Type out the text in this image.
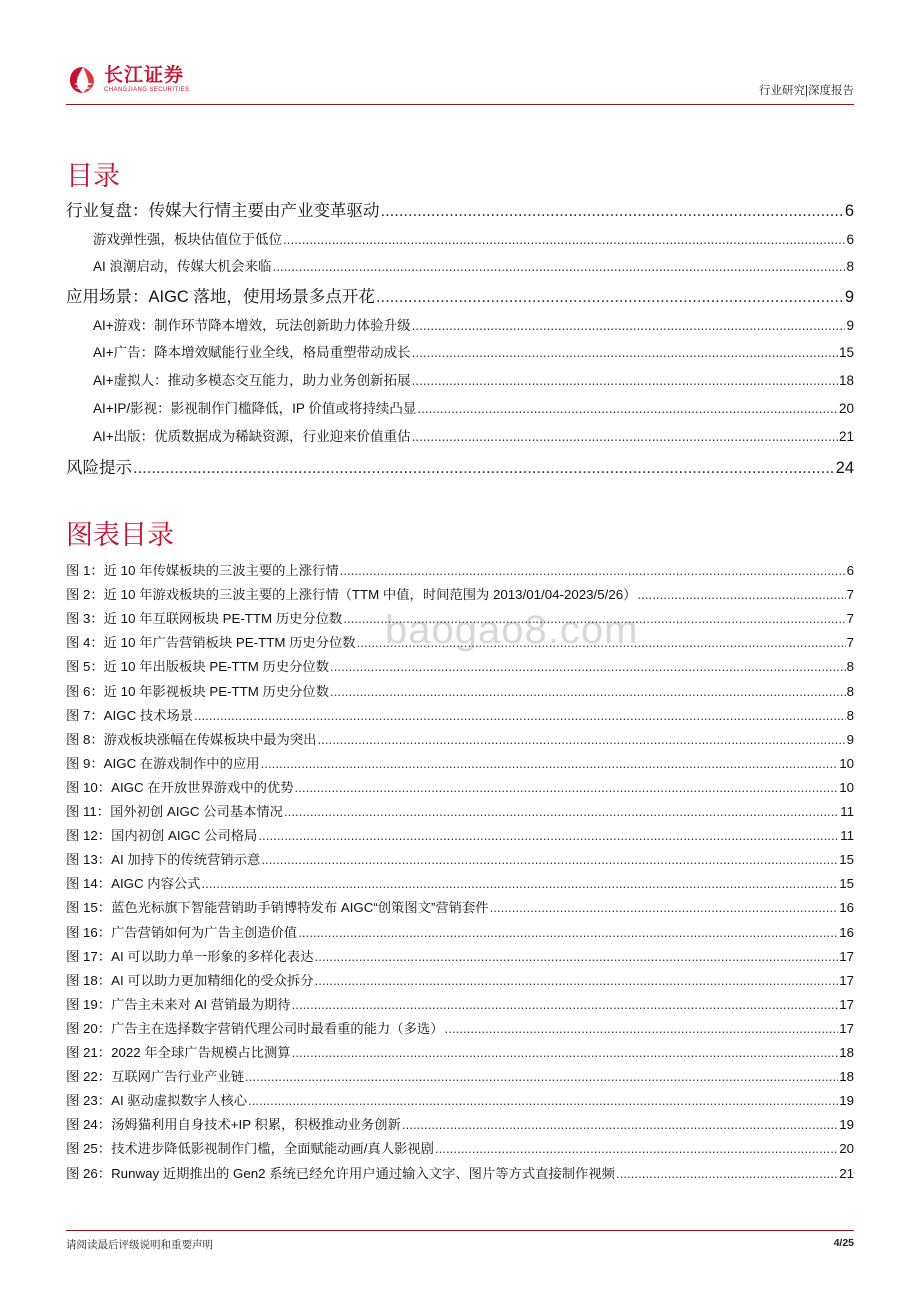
长江证券
CHANGJIANG SECURITIES	行业研究|深度报告
baogao8.com
目录
行业复盘：传媒大行情主要由产业变革驱动 .....	6
游戏弹性强，板块估值位于低位 .....	6
AI 浪潮启动，传媒大机会来临 .....	8
应用场景：AIGC 落地，使用场景多点开花 .....	9
AI+游戏：制作环节降本增效，玩法创新助力体验升级 .....	9
AI+广告：降本增效赋能行业全线，格局重塑带动成长 .....	15
AI+虚拟人：推动多模态交互能力，助力业务创新拓展 .....	18
AI+IP/影视：影视制作门槛降低，IP 价值或将持续凸显 .....	20
AI+出版：优质数据成为稀缺资源，行业迎来价值重估 .....	21
风险提示 .....	24
图表目录
图 1：近 10 年传媒板块的三波主要的上涨行情 .....	6
图 2：近 10 年游戏板块的三波主要的上涨行情（TTM 中值，时间范围为 2013/01/04-2023/5/26） .....	7
图 3：近 10 年互联网板块 PE-TTM 历史分位数 .....	7
图 4：近 10 年广告营销板块 PE-TTM 历史分位数 .....	7
图 5：近 10 年出版板块 PE-TTM 历史分位数 .....	8
图 6：近 10 年影视板块 PE-TTM 历史分位数 .....	8
图 7：AIGC 技术场景 .....	8
图 8：游戏板块涨幅在传媒板块中最为突出 .....	9
图 9：AIGC 在游戏制作中的应用 .....	10
图 10：AIGC 在开放世界游戏中的优势 .....	10
图 11：国外初创 AIGC 公司基本情况 .....	11
图 12：国内初创 AIGC 公司格局 .....	11
图 13：AI 加持下的传统营销示意 .....	15
图 14：AIGC 内容公式 .....	15
图 15：蓝色光标旗下智能营销助手销博特发布 AIGC“创策图文”营销套件 .....	16
图 16：广告营销如何为广告主创造价值 .....	16
图 17：AI 可以助力单一形象的多样化表达 .....	17
图 18：AI 可以助力更加精细化的受众拆分 .....	17
图 19：广告主未来对 AI 营销最为期待 .....	17
图 20：广告主在选择数字营销代理公司时最看重的能力（多选） .....	17
图 21：2022 年全球广告规模占比测算 .....	18
图 22：互联网广告行业产业链 .....	18
图 23：AI 驱动虚拟数字人核心 .....	19
图 24：汤姆猫利用自身技术+IP 积累，积极推动业务创新 .....	19
图 25：技术进步降低影视制作门槛，全面赋能动画/真人影视剧 .....	20
图 26：Runway 近期推出的 Gen2 系统已经允许用户通过输入文字、图片等方式直接制作视频 .....	21
请阅读最后评级说明和重要声明	4/25
